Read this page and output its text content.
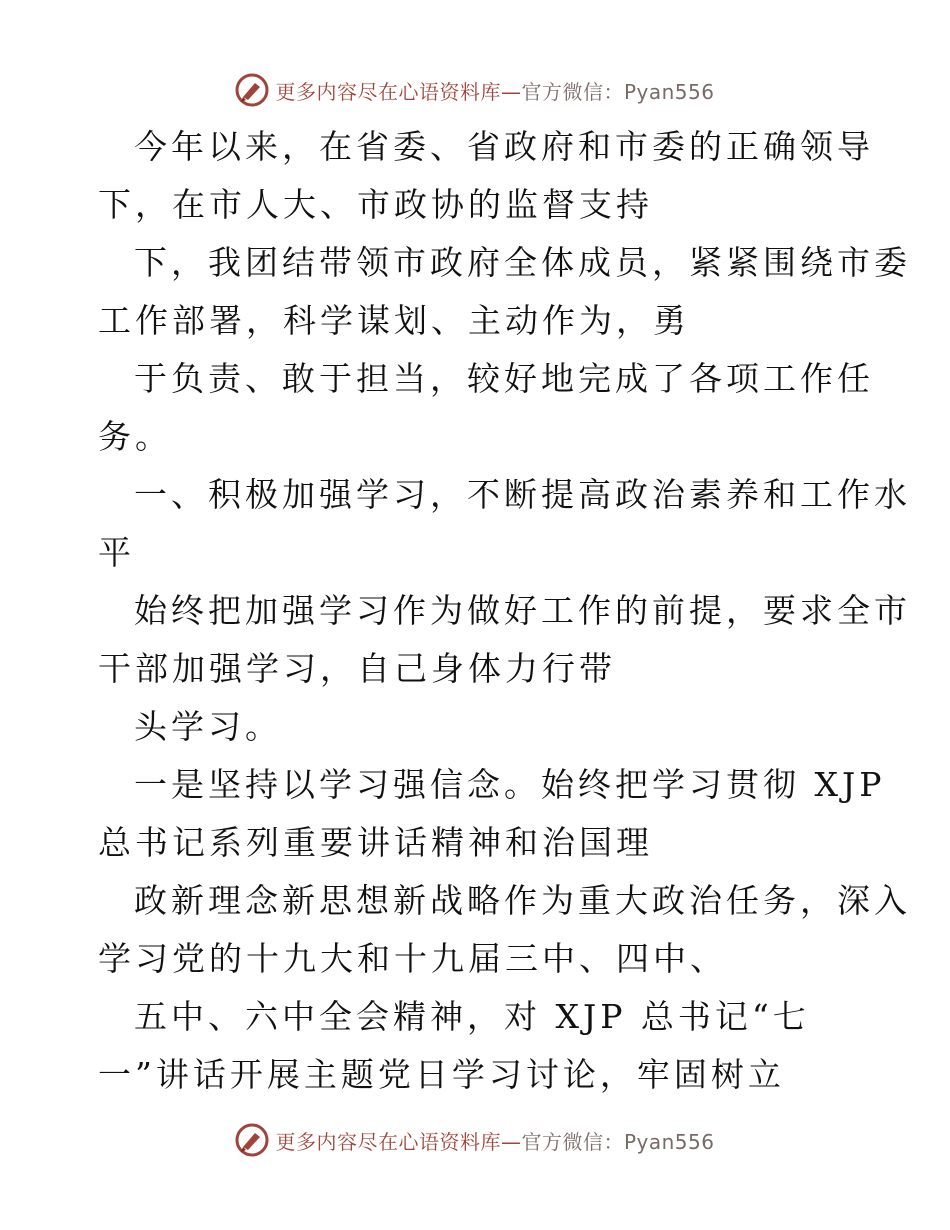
更多内容尽在心语资料库—官方微信：Pyan556

今年以来，在省委、省政府和市委的正确领导

下，在市人大、市政协的监督支持

下，我团结带领市政府全体成员，紧紧围绕市委

工作部署，科学谋划、主动作为，勇

于负责、敢于担当，较好地完成了各项工作任

务。

一、积极加强学习，不断提高政治素养和工作水

平

始终把加强学习作为做好工作的前提，要求全市

干部加强学习，自己身体力行带

头学习。

一是坚持以学习强信念。始终把学习贯彻 XJP

总书记系列重要讲话精神和治国理

政新理念新思想新战略作为重大政治任务，深入

学习党的十九大和十九届三中、四中、

五中、六中全会精神，对 XJP 总书记“七

一”讲话开展主题党日学习讨论，牢固树立

更多内容尽在心语资料库—官方微信：Pyan556
